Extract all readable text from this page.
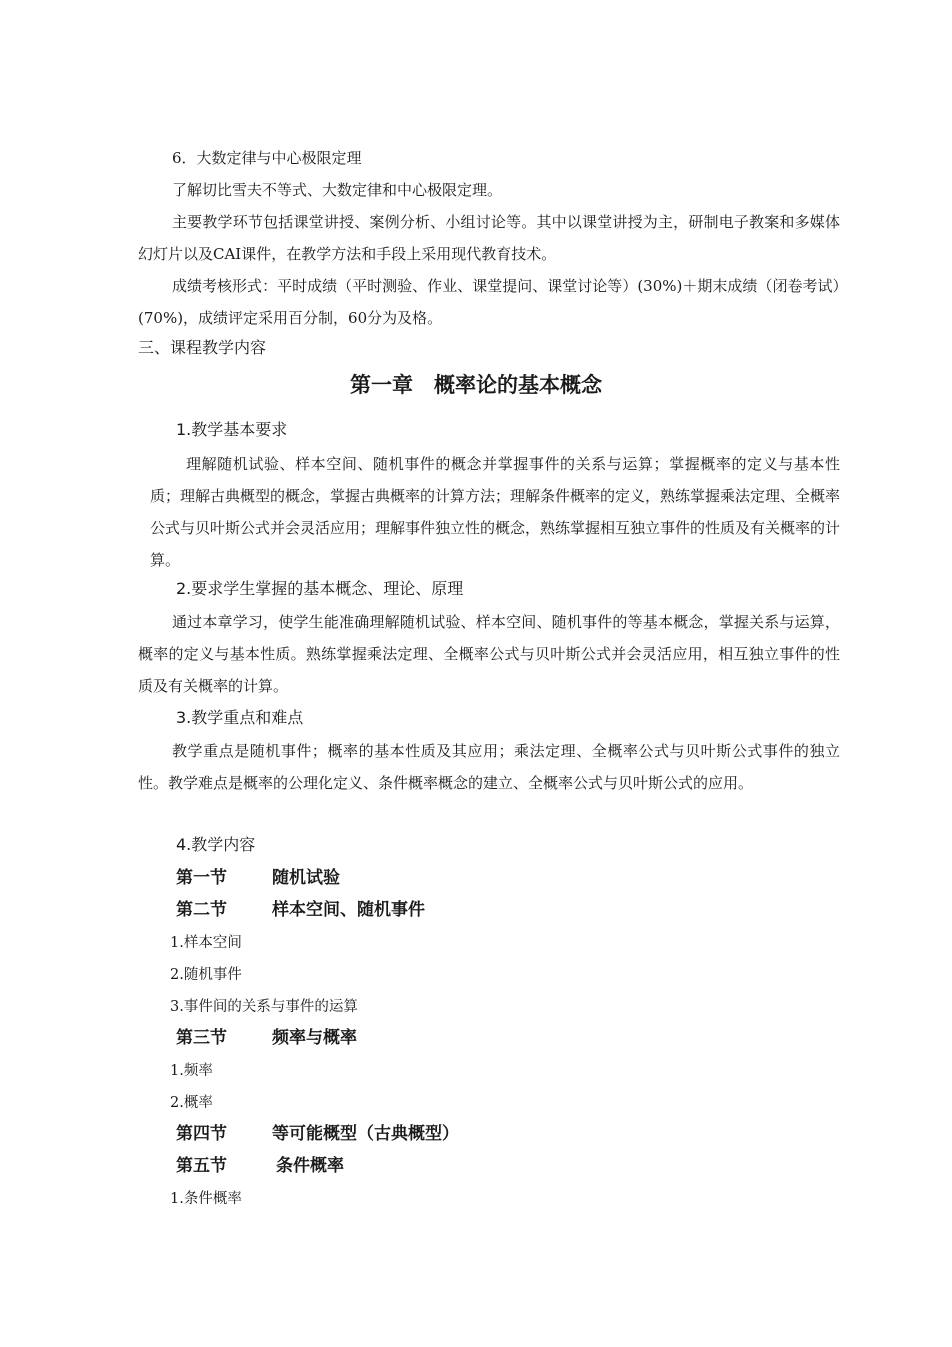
6．大数定律与中心极限定理
了解切比雪夫不等式、大数定律和中心极限定理。
主要教学环节包括课堂讲授、案例分析、小组讨论等。其中以课堂讲授为主，研制电子教案和多媒体幻灯片以及CAI课件，在教学方法和手段上采用现代教育技术。
成绩考核形式：平时成绩（平时测验、作业、课堂提问、课堂讨论等）(30%)＋期末成绩（闭卷考试）(70%)，成绩评定采用百分制，60分为及格。
三、课程教学内容
第一章　概率论的基本概念
1.教学基本要求
理解随机试验、样本空间、随机事件的概念并掌握事件的关系与运算；掌握概率的定义与基本性质；理解古典概型的概念，掌握古典概率的计算方法；理解条件概率的定义，熟练掌握乘法定理、全概率公式与贝叶斯公式并会灵活应用；理解事件独立性的概念，熟练掌握相互独立事件的性质及有关概率的计算。
2.要求学生掌握的基本概念、理论、原理
通过本章学习，使学生能准确理解随机试验、样本空间、随机事件的等基本概念，掌握关系与运算，概率的定义与基本性质。熟练掌握乘法定理、全概率公式与贝叶斯公式并会灵活应用，相互独立事件的性质及有关概率的计算。
3.教学重点和难点
教学重点是随机事件；概率的基本性质及其应用；乘法定理、全概率公式与贝叶斯公式事件的独立性。教学难点是概率的公理化定义、条件概率概念的建立、全概率公式与贝叶斯公式的应用。
4.教学内容
第一节	随机试验
第二节	样本空间、随机事件
1.样本空间
2.随机事件
3.事件间的关系与事件的运算
第三节	频率与概率
1.频率
2.概率
第四节	等可能概型（古典概型）
第五节	条件概率
1.条件概率
